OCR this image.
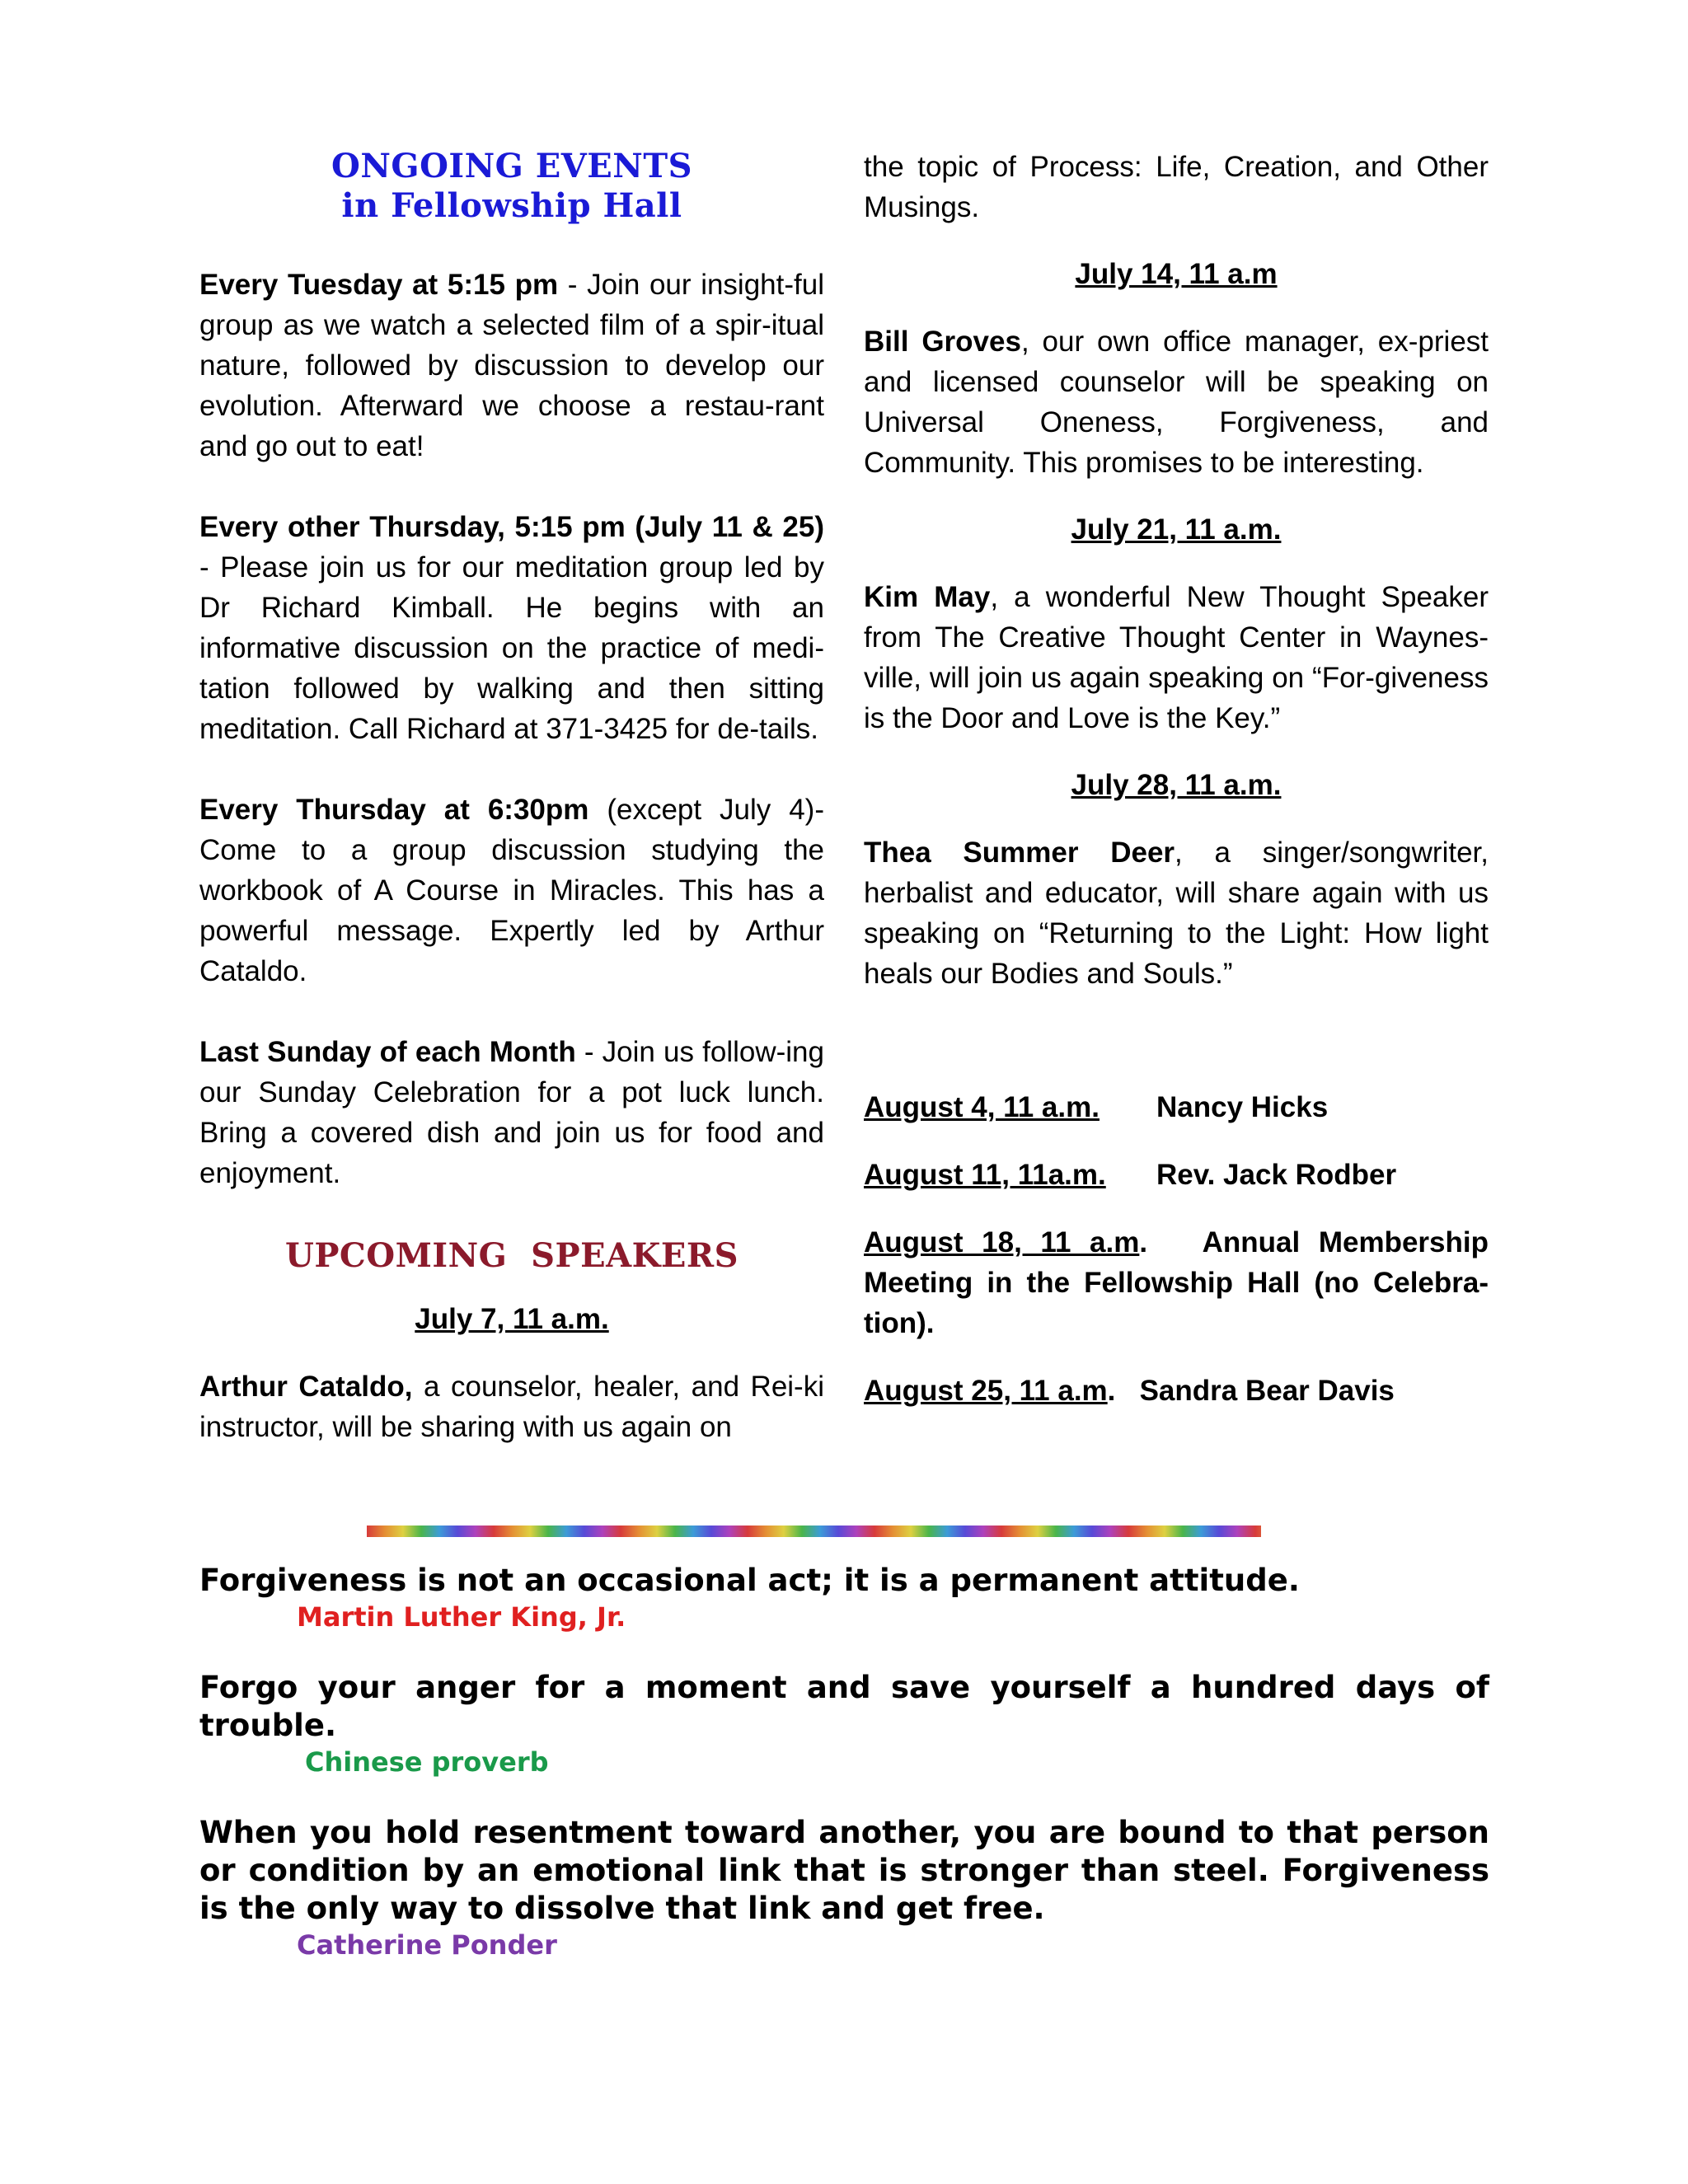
ONGOING EVENTS
in Fellowship Hall

Every Tuesday at 5:15 pm - Join our insight-ful group as we watch a selected film of a spir-itual nature, followed by discussion to develop our evolution. Afterward we choose a restau-rant and go out to eat!

Every other Thursday, 5:15 pm (July 11 & 25) - Please join us for our meditation group led by Dr Richard Kimball. He begins with an informative discussion on the practice of medi-tation followed by walking and then sitting meditation. Call Richard at 371-3425 for de-tails.

Every Thursday at 6:30pm (except July 4)- Come to a group discussion studying the workbook of A Course in Miracles. This has a powerful message. Expertly led by Arthur Cataldo.

Last Sunday of each Month - Join us follow-ing our Sunday Celebration for a pot luck lunch. Bring a covered dish and join us for food and enjoyment.

UPCOMING  SPEAKERS

July 7, 11 a.m.

Arthur Cataldo, a counselor, healer, and Rei-ki instructor, will be sharing with us again on

the topic of Process: Life, Creation, and Other Musings.

July 14, 11 a.m

Bill Groves, our own office manager, ex-priest and licensed counselor will be speaking on Universal Oneness, Forgiveness, and Community. This promises to be interesting.

July 21, 11 a.m.

Kim May, a wonderful New Thought Speaker from The Creative Thought Center in Waynes-ville, will join us again speaking on “For-giveness is the Door and Love is the Key.”

July 28, 11 a.m.

Thea Summer Deer, a singer/songwriter, herbalist and educator, will share again with us speaking on “Returning to the Light: How light heals our Bodies and Souls.”

August 4, 11 a.m. Nancy Hicks

August 11, 11a.m. Rev. Jack Rodber

August 18, 11 a.m.   Annual Membership Meeting in the Fellowship Hall (no Celebra-tion).

August 25, 11 a.m.   Sandra Bear Davis

Forgiveness is not an occasional act; it is a permanent attitude.

Martin Luther King, Jr.

Forgo your anger for a moment and save yourself a hundred days of trouble.

Chinese proverb

When you hold resentment toward another, you are bound to that person or condition by an emotional link that is stronger than steel. Forgiveness is the only way to dissolve that link and get free.

Catherine Ponder
